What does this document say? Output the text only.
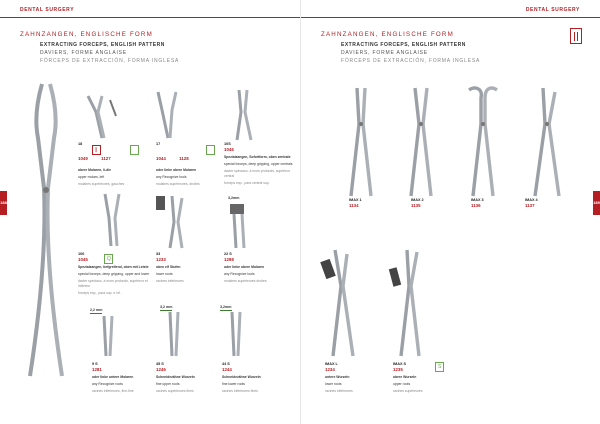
DENTAL SURGERY
188
ZAHNZANGEN, ENGLISCHE FORM
EXTRACTING FORCEPS, ENGLISH PATTERN
DAVIERS, FORME ANGLAISE
FÓRCEPS DE EXTRACCIÓN, FORMA INGLESA
18
1049	1127
∥
obere Molaren, li-die
upper molars, left
molaires supérieures, gauches
17
1044	1128
oder linke obere Molaren
any Recognize tools
molaires supérieures, droites
10S
1046
Spezialzangen, Sofortform, oben zentrale
special forceps, deep gripping, upper centrals
davier spéciaux, à mors profonds, supérieur central
fórceps esp., para central sup.
3,2mm
106
1045	Q
Spezialzangen, tiefgreifend, oben mit Leiste
special forceps, deep gripping, upper and lower
davier spéciaux, à mors profonds, supérieur et inférieur
fórceps esp., para sup. e inf.
33
1233
oben elf Stufen
lower roots
racines inférieures
22 S
1298
oder linke obere Molaren
any Recognize tools
molaires supérieures droites
2,2 mm
3,2 mm	3,2mm
9 S
1281
oder linke untere Molaren
any Recognize roots
racines inférieures, fine-fine
45 S
1246
Schneidezähne Wurzeln
fine upper roots
racines supérieures fines
44 S
1244
Schneidezähne Wurzeln
fine lower roots
racines inférieures fines
DENTAL SURGERY
189
ZAHNZANGEN, ENGLISCHE FORM
EXTRACTING FORCEPS, ENGLISH PATTERN
DAVIERS, FORME ANGLAISE
FÓRCEPS DE EXTRACCIÓN, FORMA INGLESA
IMAX 1
1134
IMAX 2
1135
IMAX 3
1136
IMAX 4
1137
IMAX L
1234
untere Wurzeln
lower roots
racines inférieures
IMAX S
1235	S
obere Wurzeln
upper roots
racines supérieures
